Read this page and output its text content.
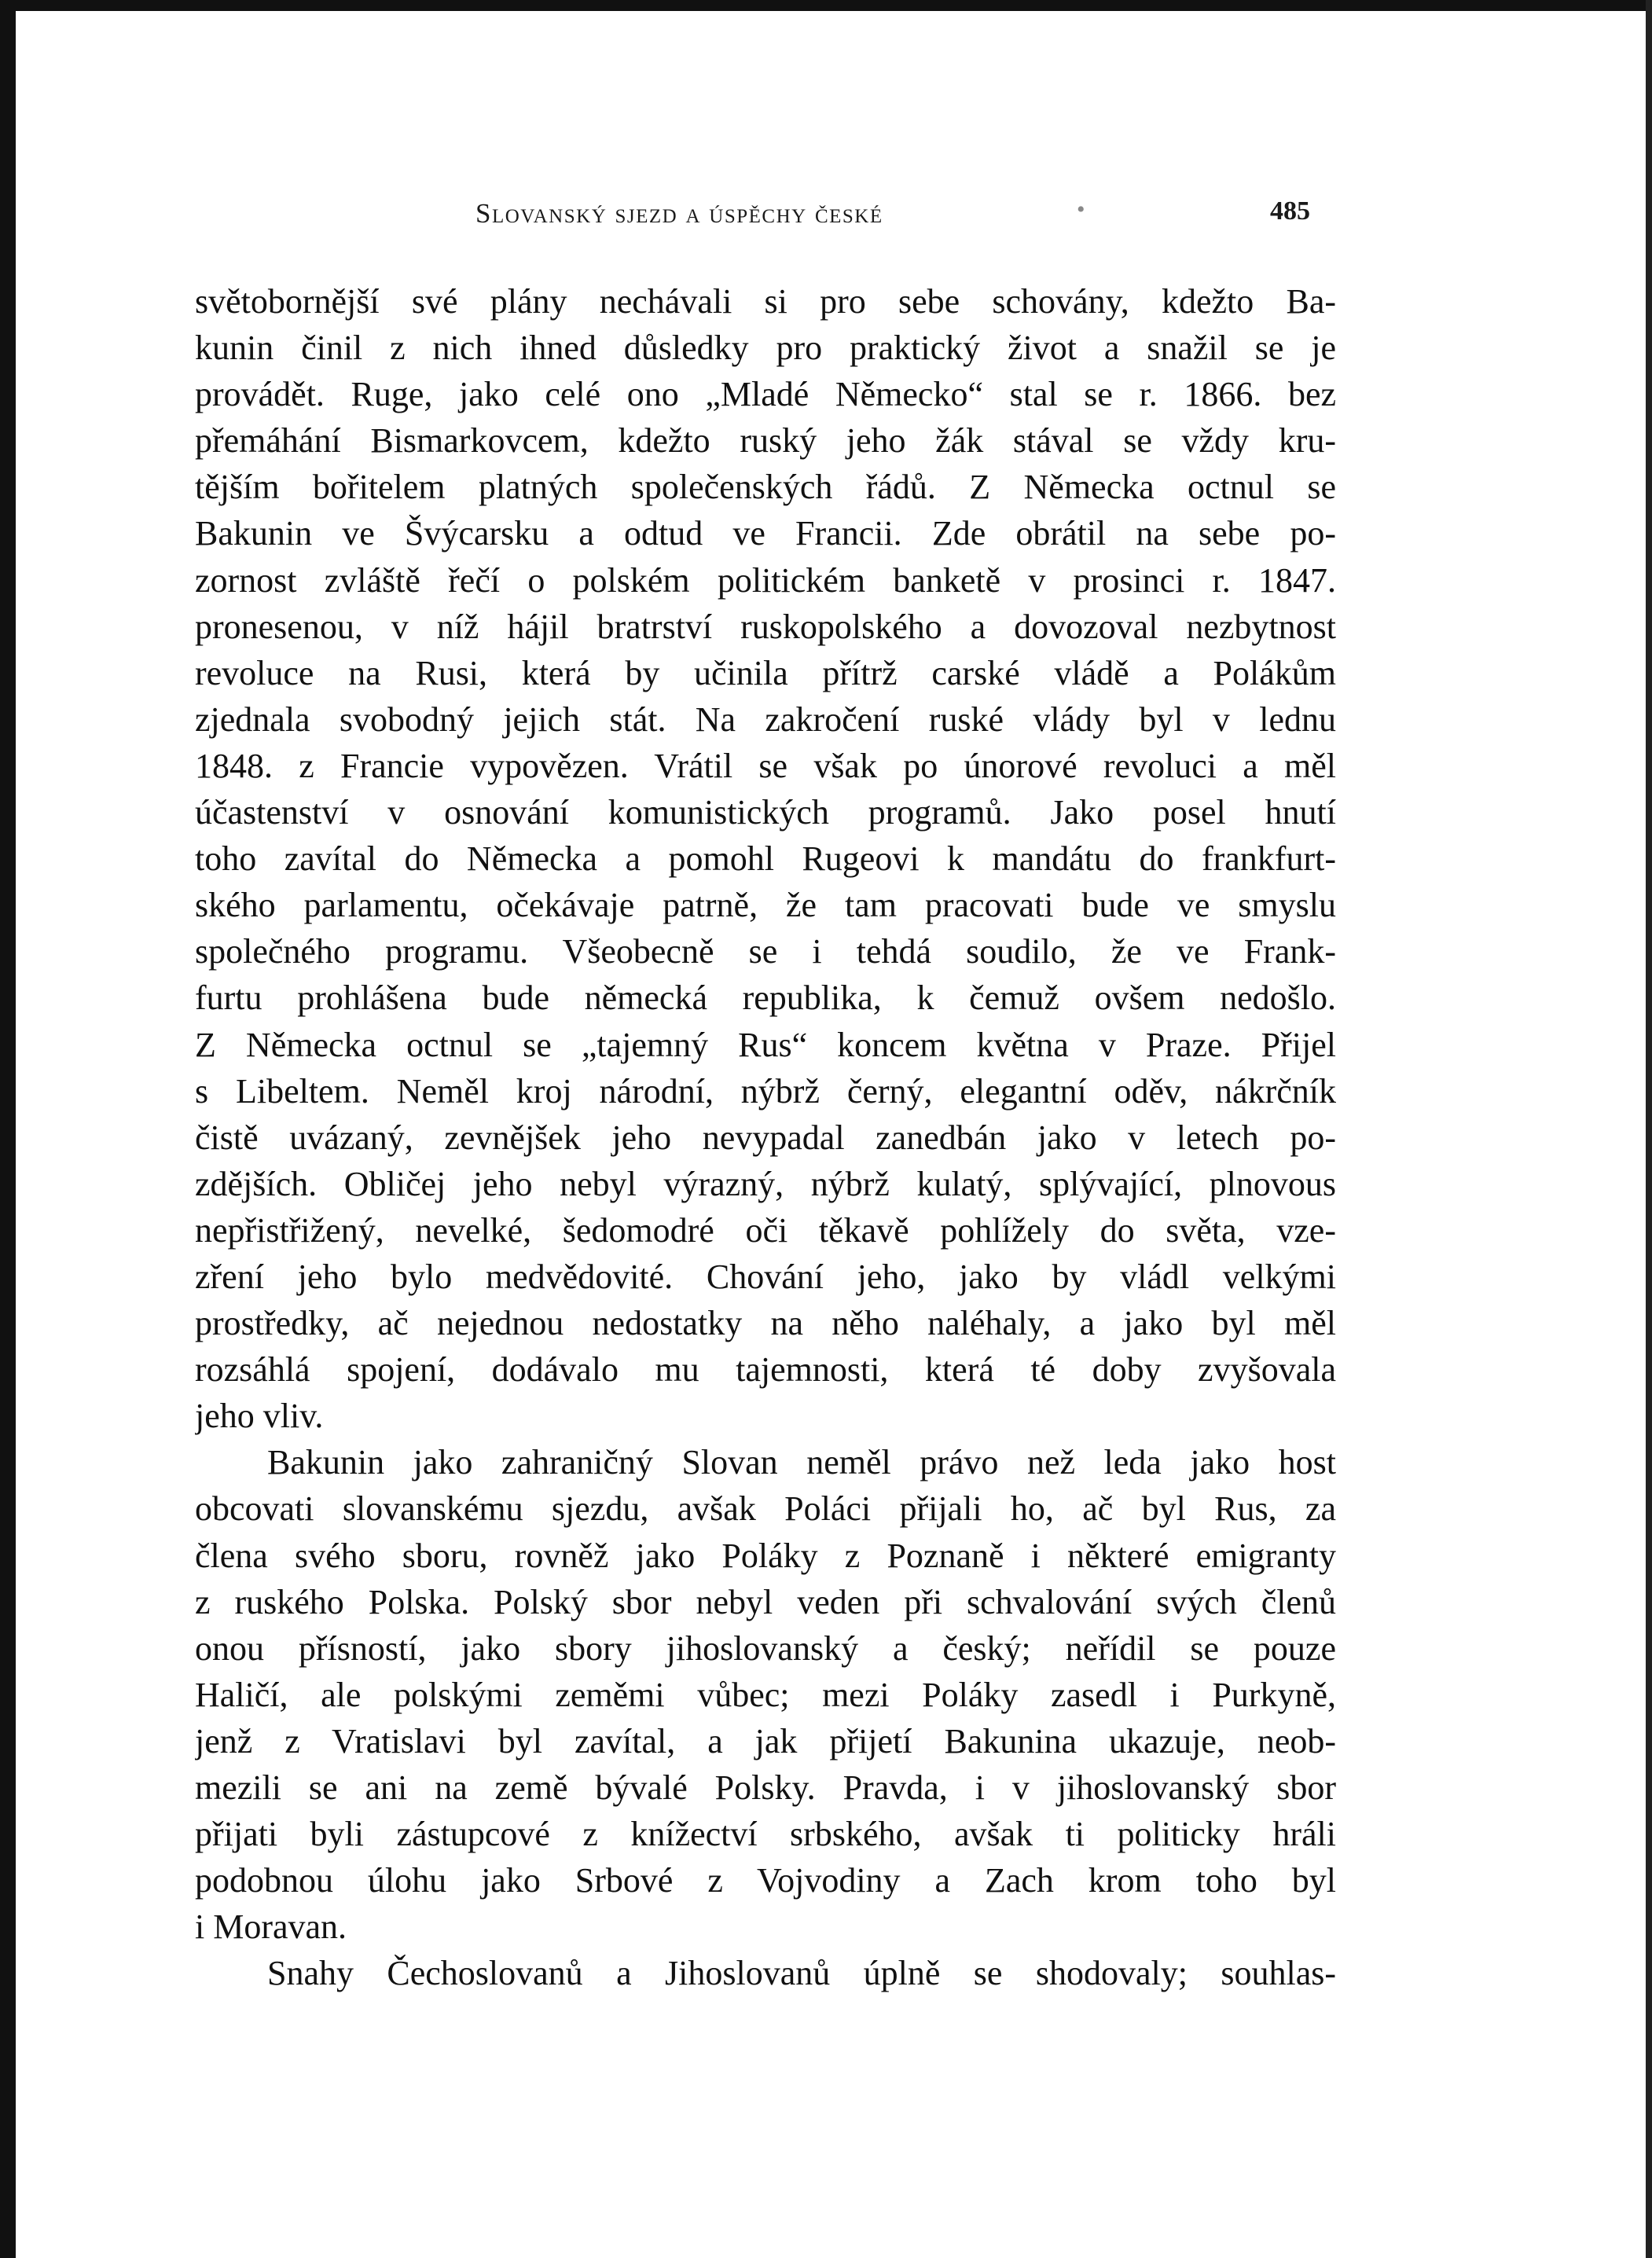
Slovanský sjezd a úspěchy české	•	485
světobornější své plány nechávali si pro sebe schovány, kdežto Ba-
kunin činil z nich ihned důsledky pro praktický život a snažil se je
provádět. Ruge, jako celé ono „Mladé Německo“ stal se r. 1866. bez
přemáhání Bismarkovcem, kdežto ruský jeho žák stával se vždy kru-
tějším bořitelem platných společenských řádů. Z Německa octnul se
Bakunin ve Švýcarsku a odtud ve Francii. Zde obrátil na sebe po-
zornost zvláště řečí o polském politickém banketě v prosinci r. 1847.
pronesenou, v níž hájil bratrství ruskopolského a dovozoval nezbytnost
revoluce na Rusi, která by učinila přítrž carské vládě a Polákům
zjednala svobodný jejich stát. Na zakročení ruské vlády byl v lednu
1848. z Francie vypovězen. Vrátil se však po únorové revoluci a měl
účastenství v osnování komunistických programů. Jako posel hnutí
toho zavítal do Německa a pomohl Rugeovi k mandátu do frankfurt-
ského parlamentu, očekávaje patrně, že tam pracovati bude ve smyslu
společného programu. Všeobecně se i tehdá soudilo, že ve Frank-
furtu prohlášena bude německá republika, k čemuž ovšem nedošlo.
Z Německa octnul se „tajemný Rus“ koncem května v Praze. Přijel
s Libeltem. Neměl kroj národní, nýbrž černý, elegantní oděv, nákrčník
čistě uvázaný, zevnějšek jeho nevypadal zanedbán jako v letech po-
zdějších. Obličej jeho nebyl výrazný, nýbrž kulatý, splývající, plnovous
nepřistřižený, nevelké, šedomodré oči těkavě pohlížely do světa, vze-
zření jeho bylo medvědovité. Chování jeho, jako by vládl velkými
prostředky, ač nejednou nedostatky na něho naléhaly, a jako byl měl
rozsáhlá spojení, dodávalo mu tajemnosti, která té doby zvyšovala
jeho vliv.
Bakunin jako zahraničný Slovan neměl právo než leda jako host
obcovati slovanskému sjezdu, avšak Poláci přijali ho, ač byl Rus, za
člena svého sboru, rovněž jako Poláky z Poznaně i některé emigranty
z ruského Polska. Polský sbor nebyl veden při schvalování svých členů
onou přísností, jako sbory jihoslovanský a český; neřídil se pouze
Haličí, ale polskými zeměmi vůbec; mezi Poláky zasedl i Purkyně,
jenž z Vratislavi byl zavítal, a jak přijetí Bakunina ukazuje, neob-
mezili se ani na země bývalé Polsky. Pravda, i v jihoslovanský sbor
přijati byli zástupcové z knížectví srbského, avšak ti politicky hráli
podobnou úlohu jako Srbové z Vojvodiny a Zach krom toho byl
i Moravan.
Snahy Čechoslovanů a Jihoslovanů úplně se shodovaly; souhlas-
